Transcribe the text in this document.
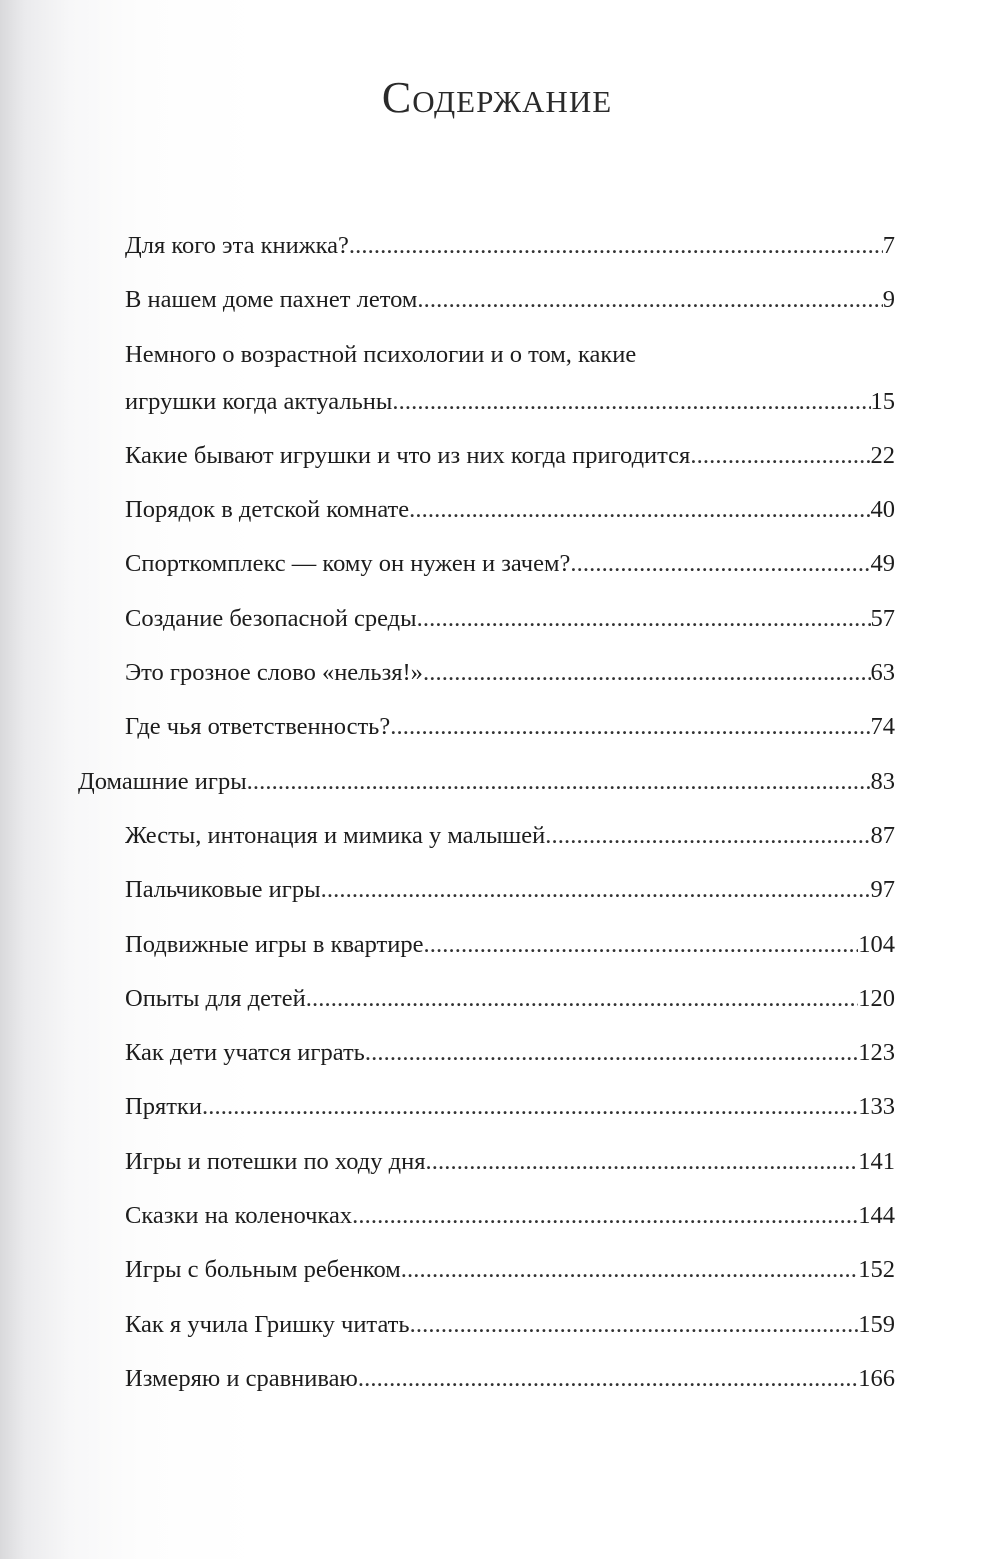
Содержание
Для кого эта книжка? . . .	7
В нашем доме пахнет летом . . .	9
Немного о возрастной психологии и о том, какие
игрушки когда актуальны . . .	15
Какие бывают игрушки и что из них когда пригодится . . .	22
Порядок в детской комнате . . .	40
Спорткомплекс — кому он нужен и зачем? . . .	49
Создание безопасной среды . . .	57
Это грозное слово «нельзя!» . . .	63
Где чья ответственность? . . .	74
Домашние игры . . .	83
Жесты, интонация и мимика у малышей . . .	87
Пальчиковые игры . . .	97
Подвижные игры в квартире . . .	104
Опыты для детей . . .	120
Как дети учатся играть . . .	123
Прятки . . .	133
Игры и потешки по ходу дня . . .	141
Сказки на коленочках . . .	144
Игры с больным ребенком . . .	152
Как я учила Гришку читать . . .	159
Измеряю и сравниваю . . .	166
